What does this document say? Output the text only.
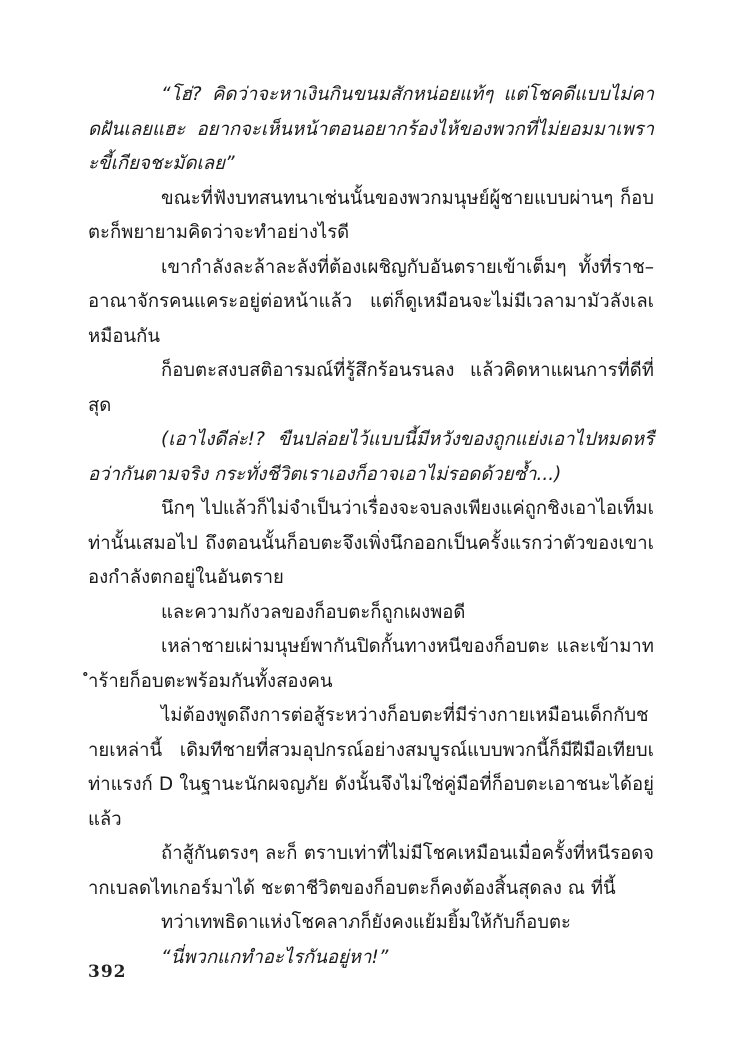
“โฮ่? คิดว่าจะหาเงินกินขนมสักหน่อยแท้ๆ แต่โชคดีแบบไม่คาดฝันเลยแฮะ อยากจะเห็นหน้าตอนอยากร้องไห้ของพวกที่ไม่ยอมมาเพราะขี้เกียจชะมัดเลย”

ขณะที่ฟังบทสนทนาเช่นนั้นของพวกมนุษย์ผู้ชายแบบผ่านๆ ก็อบตะก็พยายามคิดว่าจะทำอย่างไรดี

เขากำลังละล้าละลังที่ต้องเผชิญกับอันตรายเข้าเต็มๆ ทั้งที่ราช–อาณาจักรคนแคระอยู่ต่อหน้าแล้ว แต่ก็ดูเหมือนจะไม่มีเวลามามัวลังเลเหมือนกัน

ก็อบตะสงบสติอารมณ์ที่รู้สึกร้อนรนลง แล้วคิดหาแผนการที่ดีที่สุด

(เอาไงดีล่ะ!? ขืนปล่อยไว้แบบนี้มีหวังของถูกแย่งเอาไปหมดหรือว่ากันตามจริง กระทั่งชีวิตเราเองก็อาจเอาไม่รอดด้วยซ้ำ...)

นึกๆ ไปแล้วก็ไม่จำเป็นว่าเรื่องจะจบลงเพียงแค่ถูกชิงเอาไอเท็มเท่านั้นเสมอไป ถึงตอนนั้นก็อบตะจึงเพิ่งนึกออกเป็นครั้งแรกว่าตัวของเขาเองกำลังตกอยู่ในอันตราย

และความกังวลของก็อบตะก็ถูกเผงพอดี

เหล่าชายเผ่ามนุษย์พากันปิดกั้นทางหนีของก็อบตะ และเข้ามาทำร้ายก็อบตะพร้อมกันทั้งสองคน

ไม่ต้องพูดถึงการต่อสู้ระหว่างก็อบตะที่มีร่างกายเหมือนเด็กกับชายเหล่านี้ เดิมทีชายที่สวมอุปกรณ์อย่างสมบูรณ์แบบพวกนี้ก็มีฝีมือเทียบเท่าแรงก์ D ในฐานะนักผจญภัย ดังนั้นจึงไม่ใช่คู่มือที่ก็อบตะเอาชนะได้อยู่แล้ว

ถ้าสู้กันตรงๆ ละก็ ตราบเท่าที่ไม่มีโชคเหมือนเมื่อครั้งที่หนีรอดจากเบลดไทเกอร์มาได้ ชะตาชีวิตของก็อบตะก็คงต้องสิ้นสุดลง ณ ที่นี้

ทว่าเทพธิดาแห่งโชคลาภก็ยังคงแย้มยิ้มให้กับก็อบตะ

“นี่พวกแกทำอะไรกันอยู่หา!”

392
